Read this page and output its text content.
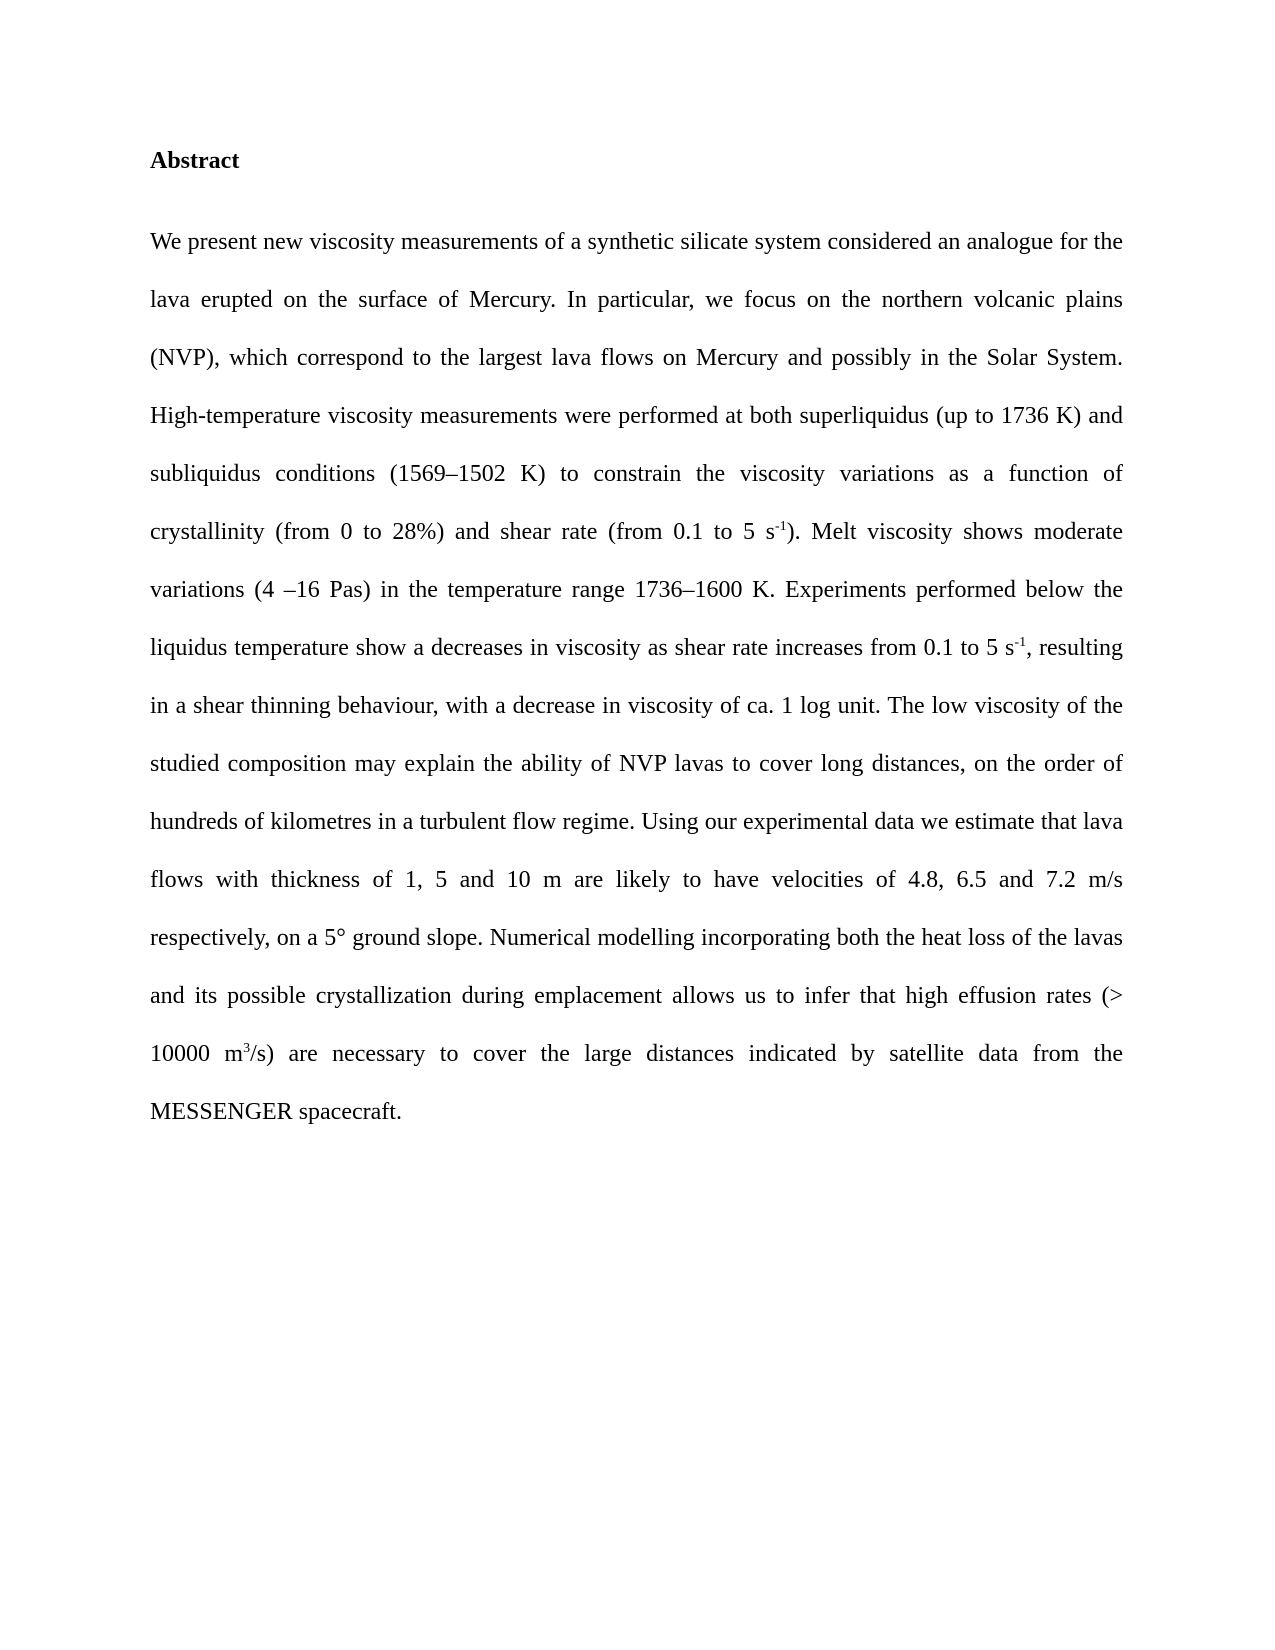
Abstract

We present new viscosity measurements of a synthetic silicate system considered an analogue for the lava erupted on the surface of Mercury. In particular, we focus on the northern volcanic plains (NVP), which correspond to the largest lava flows on Mercury and possibly in the Solar System. High-temperature viscosity measurements were performed at both superliquidus (up to 1736 K) and subliquidus conditions (1569–1502 K) to constrain the viscosity variations as a function of crystallinity (from 0 to 28%) and shear rate (from 0.1 to 5 $s^{-1}$). Melt viscosity shows moderate variations (4 –16 Pas) in the temperature range 1736–1600 K. Experiments performed below the liquidus temperature show a decreases in viscosity as shear rate increases from 0.1 to 5 $s^{-1}$, resulting in a shear thinning behaviour, with a decrease in viscosity of ca. 1 log unit. The low viscosity of the studied composition may explain the ability of NVP lavas to cover long distances, on the order of hundreds of kilometres in a turbulent flow regime. Using our experimental data we estimate that lava flows with thickness of 1, 5 and 10 m are likely to have velocities of 4.8, 6.5 and 7.2 m/s respectively, on a 5° ground slope. Numerical modelling incorporating both the heat loss of the lavas and its possible crystallization during emplacement allows us to infer that high effusion rates (> 10000 $m^3/s$) are necessary to cover the large distances indicated by satellite data from the MESSENGER spacecraft.
